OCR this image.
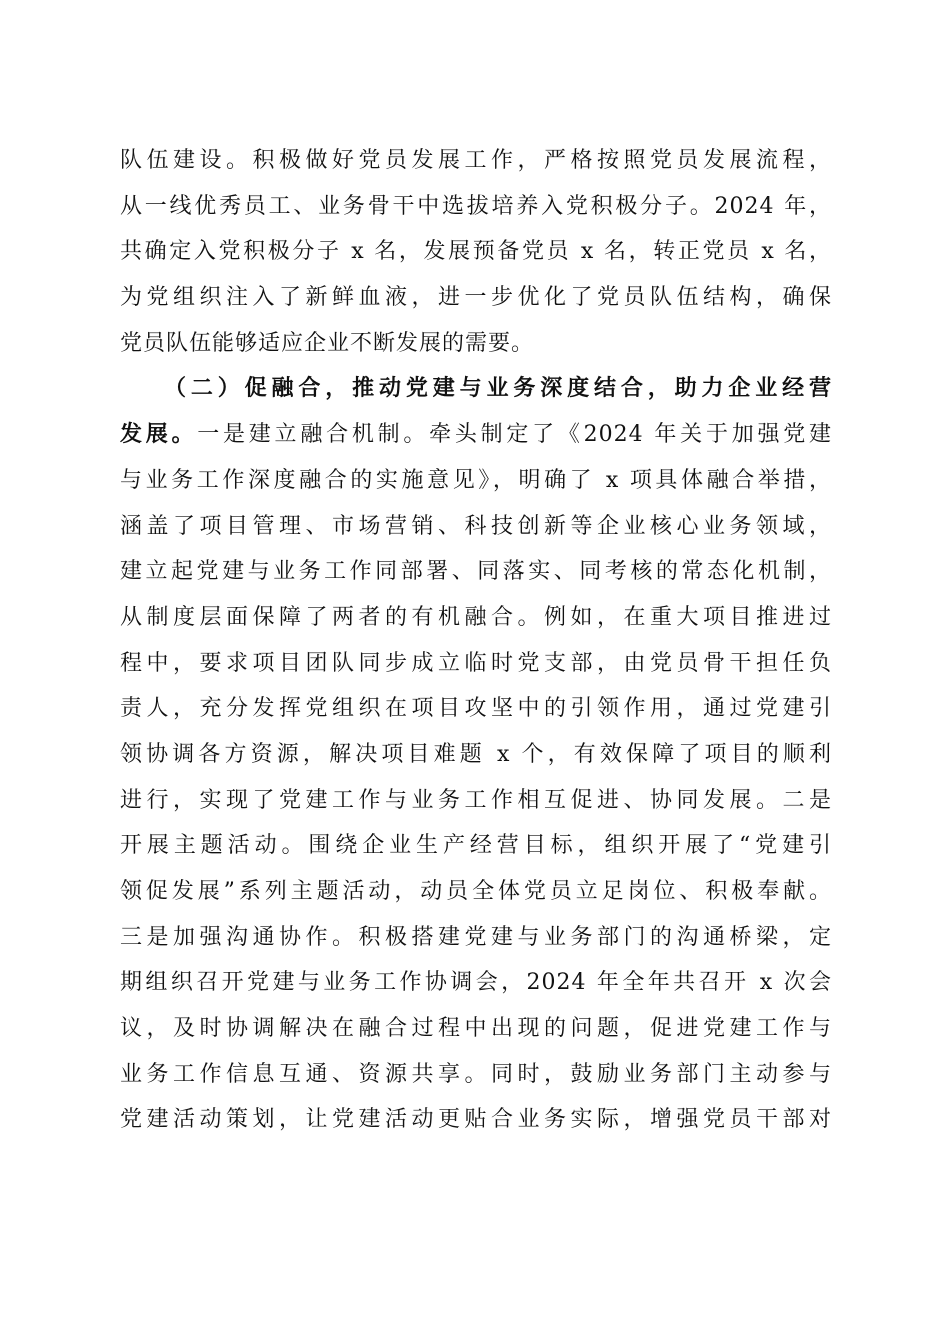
队伍建设。积极做好党员发展工作，严格按照党员发展流程，
从一线优秀员工、业务骨干中选拔培养入党积极分子。2024 年，
共确定入党积极分子 x 名，发展预备党员 x 名，转正党员 x 名，
为党组织注入了新鲜血液，进一步优化了党员队伍结构，确保
党员队伍能够适应企业不断发展的需要。
（二）促融合，推动党建与业务深度结合，助力企业经营
发展。一是建立融合机制。牵头制定了《2024 年关于加强党建
与业务工作深度融合的实施意见》，明确了 x 项具体融合举措，
涵盖了项目管理、市场营销、科技创新等企业核心业务领域，
建立起党建与业务工作同部署、同落实、同考核的常态化机制，
从制度层面保障了两者的有机融合。例如，在重大项目推进过
程中，要求项目团队同步成立临时党支部，由党员骨干担任负
责人，充分发挥党组织在项目攻坚中的引领作用，通过党建引
领协调各方资源，解决项目难题 x 个，有效保障了项目的顺利
进行，实现了党建工作与业务工作相互促进、协同发展。二是
开展主题活动。围绕企业生产经营目标，组织开展了“党建引
领促发展”系列主题活动，动员全体党员立足岗位、积极奉献。
三是加强沟通协作。积极搭建党建与业务部门的沟通桥梁，定
期组织召开党建与业务工作协调会，2024 年全年共召开 x 次会
议，及时协调解决在融合过程中出现的问题，促进党建工作与
业务工作信息互通、资源共享。同时，鼓励业务部门主动参与
党建活动策划，让党建活动更贴合业务实际，增强党员干部对
